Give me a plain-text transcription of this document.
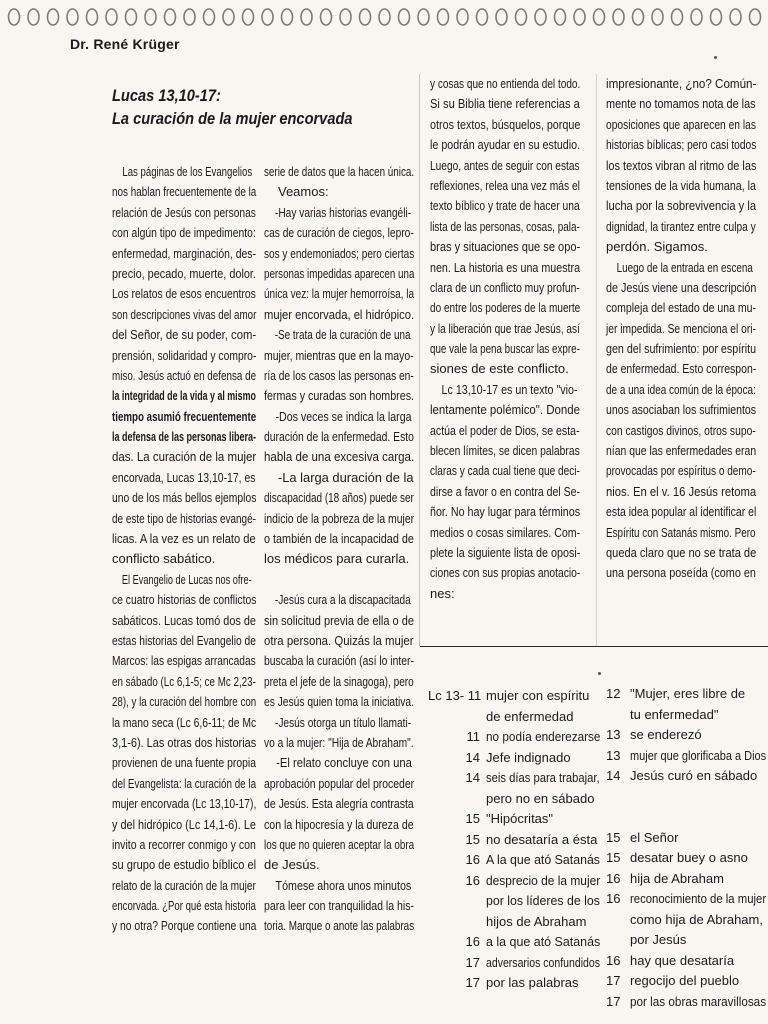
Dr. René Krüger
Lucas 13,10-17:
La curación de la mujer encorvada
Las páginas de los Evangelios
nos hablan frecuentemente de la
relación de Jesús con personas
con algún tipo de impedimento:
enfermedad, marginación, des-
precio, pecado, muerte, dolor.
Los relatos de esos encuentros
son descripciones vivas del amor
del Señor, de su poder, com-
prensión, solidaridad y compro-
miso. Jesús actuó en defensa de
la integridad de la vida y al mismo
tiempo asumió frecuentemente
la defensa de las personas libera-
das. La curación de la mujer
encorvada, Lucas 13,10-17, es
uno de los más bellos ejemplos
de este tipo de historias evangé-
licas. A la vez es un relato de
conflicto sabático.
El Evangelio de Lucas nos ofre-
ce cuatro historias de conflictos
sabáticos. Lucas tomó dos de
estas historias del Evangelio de
Marcos: las espigas arrancadas
en sábado (Lc 6,1-5; ce Mc 2,23-
28), y la curación del hombre con
la mano seca (Lc 6,6-11; de Mc
3,1-6). Las otras dos historias
provienen de una fuente propia
del Evangelista: la curación de la
mujer encorvada (Lc 13,10-17),
y del hidrópico (Lc 14,1-6). Le
invito a recorrer conmigo y con
su grupo de estudio bíblico el
relato de la curación de la mujer
encorvada. ¿Por qué esta historia
y no otra? Porque contiene una
serie de datos que la hacen única.
Veamos:
-Hay varias historias evangéli-
cas de curación de ciegos, lepro-
sos y endemoniados; pero ciertas
personas impedidas aparecen una
única vez: la mujer hemorroísa, la
mujer encorvada, el hidrópico.
-Se trata de la curación de una
mujer, mientras que en la mayo-
ría de los casos las personas en-
fermas y curadas son hombres.
-Dos veces se indica la larga
duración de la enfermedad. Esto
habla de una excesiva carga.
-La larga duración de la
discapacidad (18 años) puede ser
indicio de la pobreza de la mujer
o también de la incapacidad de
los médicos para curarla.
-Jesús cura a la discapacitada
sin solicitud previa de ella o de
otra persona. Quizás la mujer
buscaba la curación (así lo inter-
preta el jefe de la sinagoga), pero
es Jesús quien toma la iniciativa.
-Jesús otorga un título llamati-
vo a la mujer: "Hija de Abraham".
-El relato concluye con una
aprobación popular del proceder
de Jesús. Esta alegría contrasta
con la hipocresía y la dureza de
los que no quieren aceptar la obra
de Jesús.
Tómese ahora unos minutos
para leer con tranquilidad la his-
toria. Marque o anote las palabras
y cosas que no entienda del todo.
Si su Biblia tiene referencias a
otros textos, búsquelos, porque
le podrán ayudar en su estudio.
Luego, antes de seguir con estas
reflexiones, relea una vez más el
texto bíblico y trate de hacer una
lista de las personas, cosas, pala-
bras y situaciones que se opo-
nen. La historia es una muestra
clara de un conflicto muy profun-
do entre los poderes de la muerte
y la liberación que trae Jesús, así
que vale la pena buscar las expre-
siones de este conflicto.
Lc 13,10-17 es un texto "vio-
lentamente polémico". Donde
actúa el poder de Dios, se esta-
blecen límites, se dicen palabras
claras y cada cual tiene que deci-
dirse a favor o en contra del Se-
ñor. No hay lugar para términos
medios o cosas similares. Com-
plete la siguiente lista de oposi-
ciones con sus propias anotacio-
nes:
impresionante, ¿no? Común-
mente no tomamos nota de las
oposiciones que aparecen en las
historias bíblicas; pero casi todos
los textos vibran al ritmo de las
tensiones de la vida humana, la
lucha por la sobrevivencia y la
dignidad, la tirantez entre culpa y
perdón. Sigamos.
Luego de la entrada en escena
de Jesús viene una descripción
compleja del estado de una mu-
jer impedida. Se menciona el ori-
gen del sufrimiento: por espíritu
de enfermedad. Esto correspon-
de a una idea común de la época:
unos asociaban los sufrimientos
con castigos divinos, otros supo-
nían que las enfermedades eran
provocadas por espíritus o demo-
nios. En el v. 16 Jesús retoma
esta idea popular al identificar el
Espíritu con Satanás mismo. Pero
queda claro que no se trata de
una persona poseída (como en
Lc 13- 11 mujer con espíritu
de enfermedad
11 no podía enderezarse
14 Jefe indignado
14 seis días para trabajar,
pero no en sábado
15 "Hipócritas"
15 no desataría a ésta
16 A la que ató Satanás
16 desprecio de la mujer
por los líderes de los
hijos de Abraham
16 a la que ató Satanás
17 adversarios confundidos
17 por las palabras
12 "Mujer, eres libre de
tu enfermedad"
13 se enderezó
13 mujer que glorificaba a Dios
14 Jesús curó en sábado
15 el Señor
15 desatar buey o asno
16 hija de Abraham
16 reconocimiento de la mujer
como hija de Abraham,
por Jesús
16 hay que desataría
17 regocijo del pueblo
17 por las obras maravillosas
